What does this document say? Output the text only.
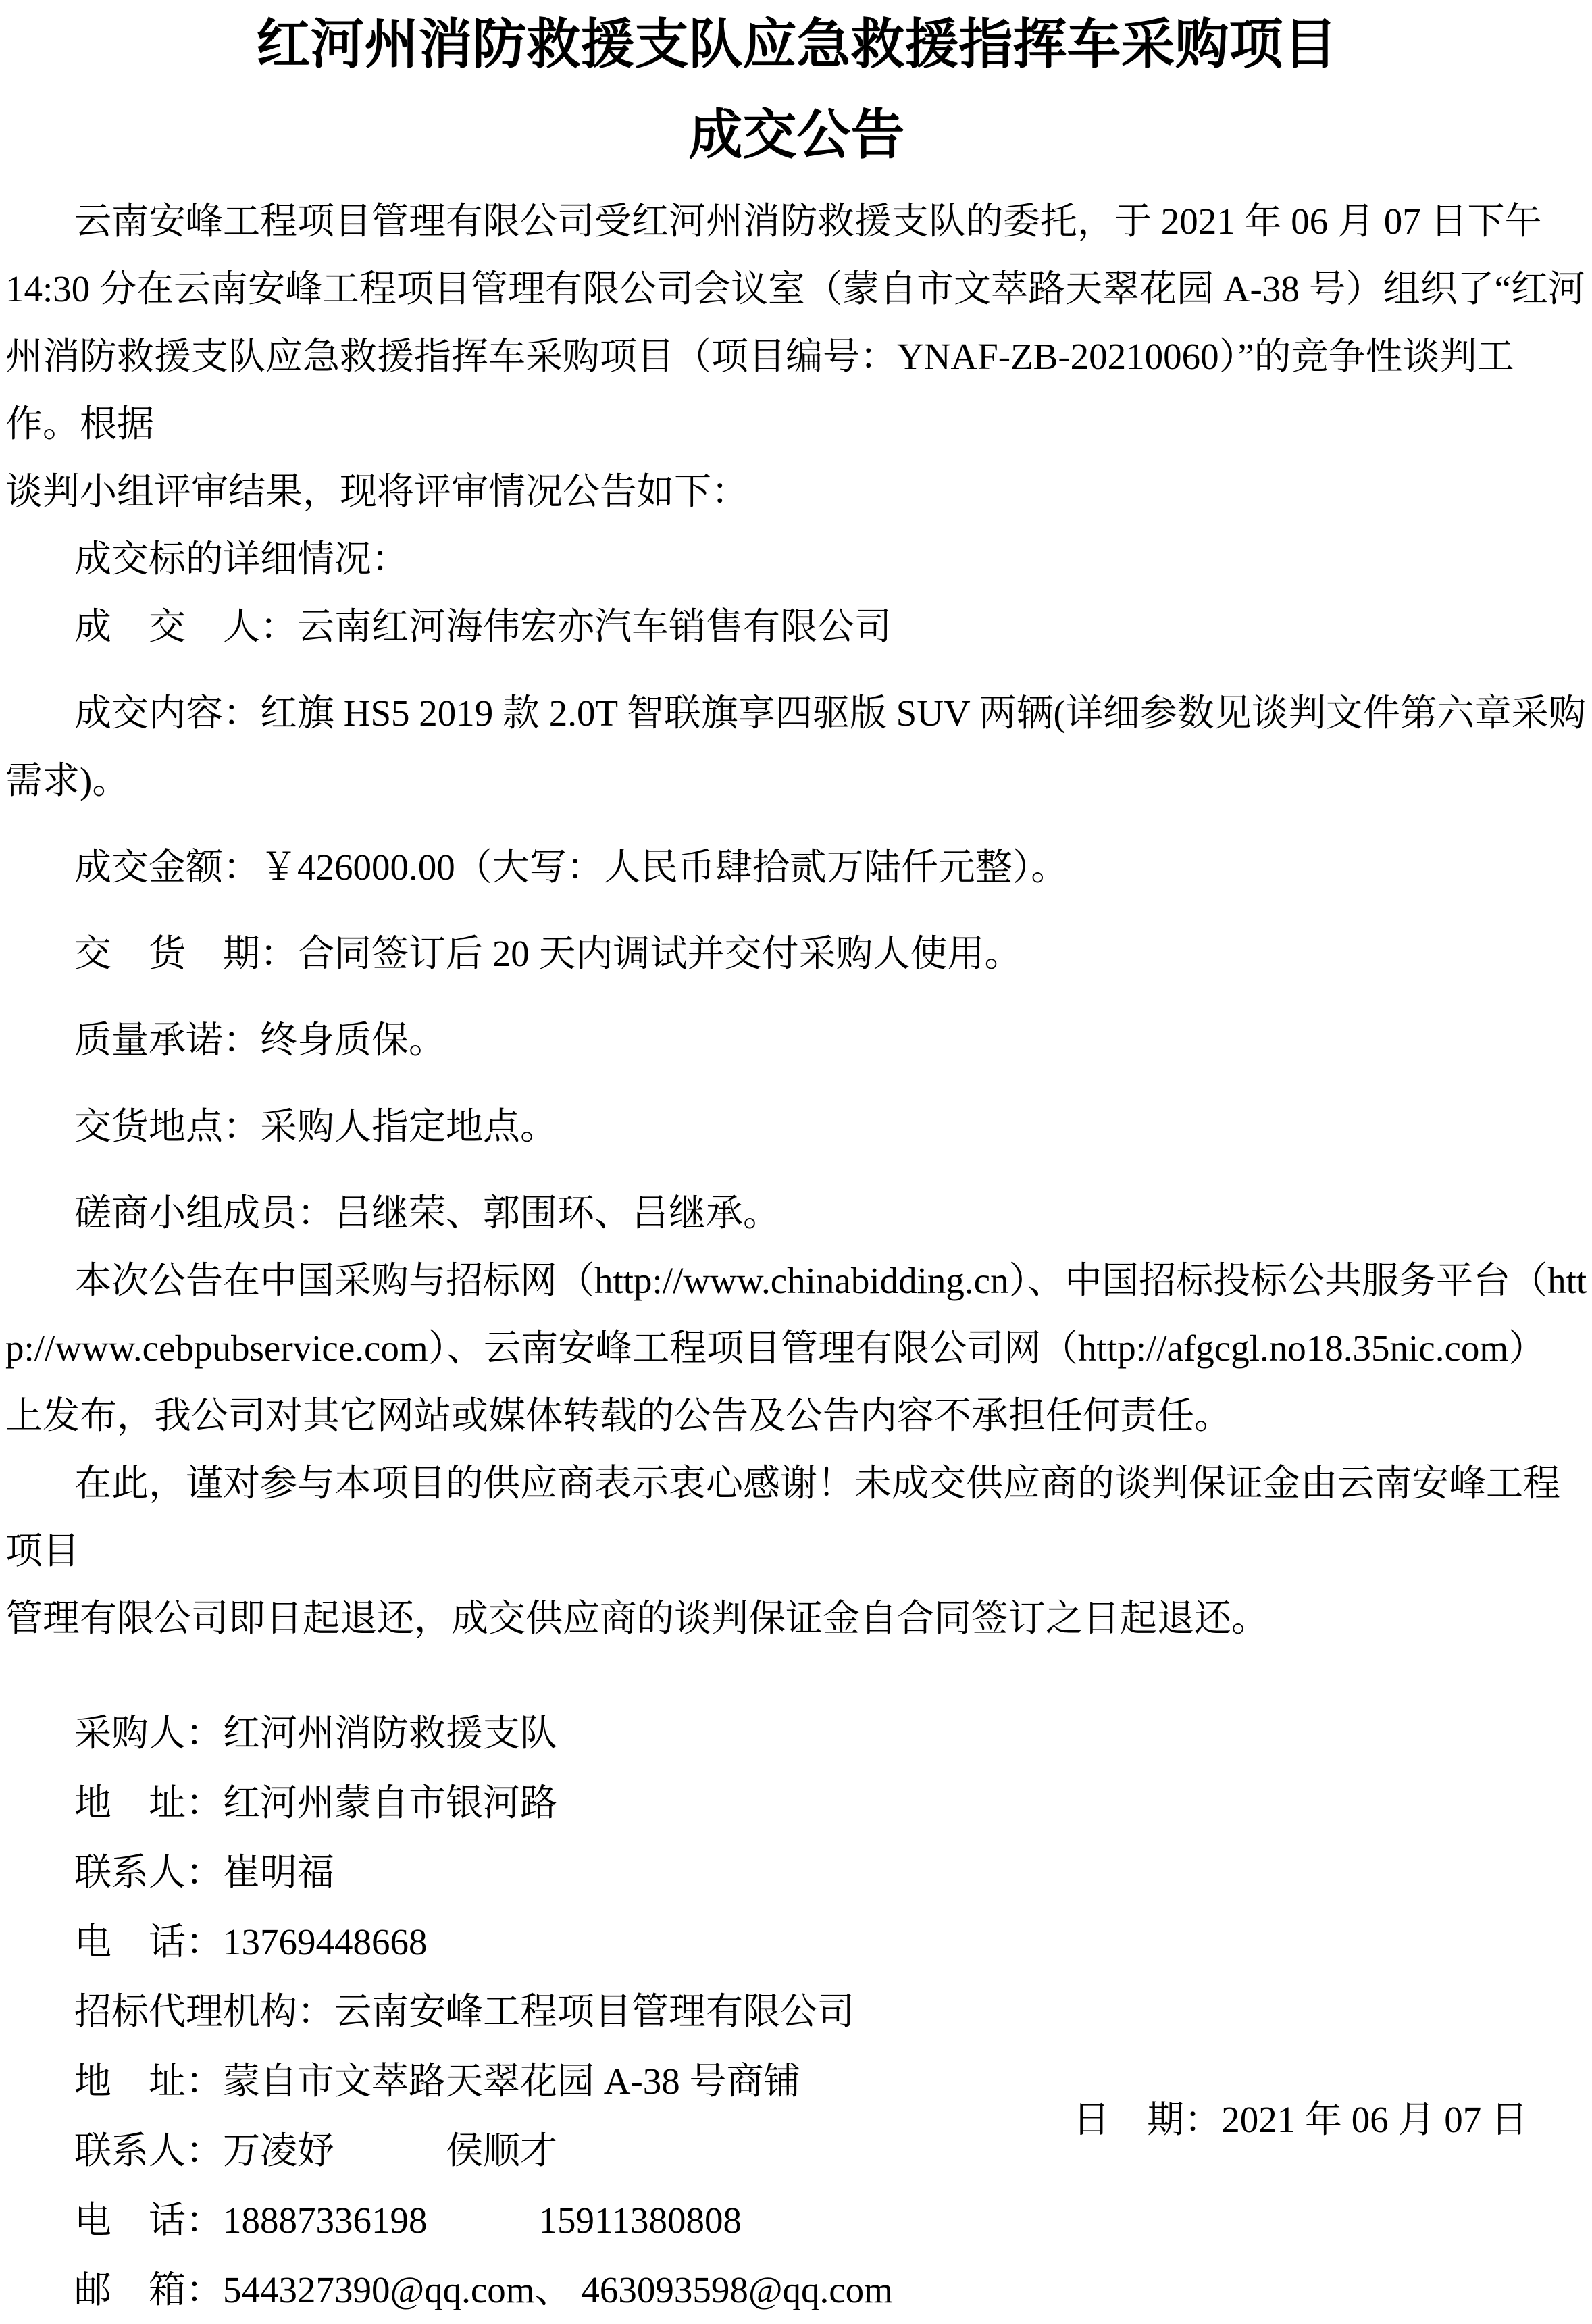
红河州消防救援支队应急救援指挥车采购项目
成交公告
云南安峰工程项目管理有限公司受红河州消防救援支队的委托，于 2021 年 06 月 07 日下午
14:30 分在云南安峰工程项目管理有限公司会议室（蒙自市文萃路天翠花园 A-38 号）组织了“红河
州消防救援支队应急救援指挥车采购项目（项目编号：YNAF-ZB-20210060）”的竞争性谈判工作。根据
谈判小组评审结果，现将评审情况公告如下：
成交标的详细情况：
成　交　人：云南红河海伟宏亦汽车销售有限公司
成交内容：红旗 HS5 2019 款 2.0T 智联旗享四驱版 SUV 两辆(详细参数见谈判文件第六章采购需求)。
成交金额：￥426000.00（大写：人民币肆拾贰万陆仟元整）。
交　货　期：合同签订后 20 天内调试并交付采购人使用。
质量承诺：终身质保。
交货地点：采购人指定地点。
磋商小组成员：吕继荣、郭围环、吕继承。
本次公告在中国采购与招标网（http://www.chinabidding.cn）、中国招标投标公共服务平台（htt
p://www.cebpubservice.com）、云南安峰工程项目管理有限公司网（http://afgcgl.no18.35nic.com）
上发布，我公司对其它网站或媒体转载的公告及公告内容不承担任何责任。
在此，谨对参与本项目的供应商表示衷心感谢！未成交供应商的谈判保证金由云南安峰工程项目
管理有限公司即日起退还，成交供应商的谈判保证金自合同签订之日起退还。
采购人：红河州消防救援支队
地　址：红河州蒙自市银河路
联系人：崔明福
电　话：13769448668
招标代理机构：云南安峰工程项目管理有限公司
地　址：蒙自市文萃路天翠花园 A-38 号商铺
联系人：万凌妤　　　侯顺才
电　话：18887336198　　　15911380808
邮　箱：544327390@qq.com、 463093598@qq.com
日　期：2021 年 06 月 07 日
